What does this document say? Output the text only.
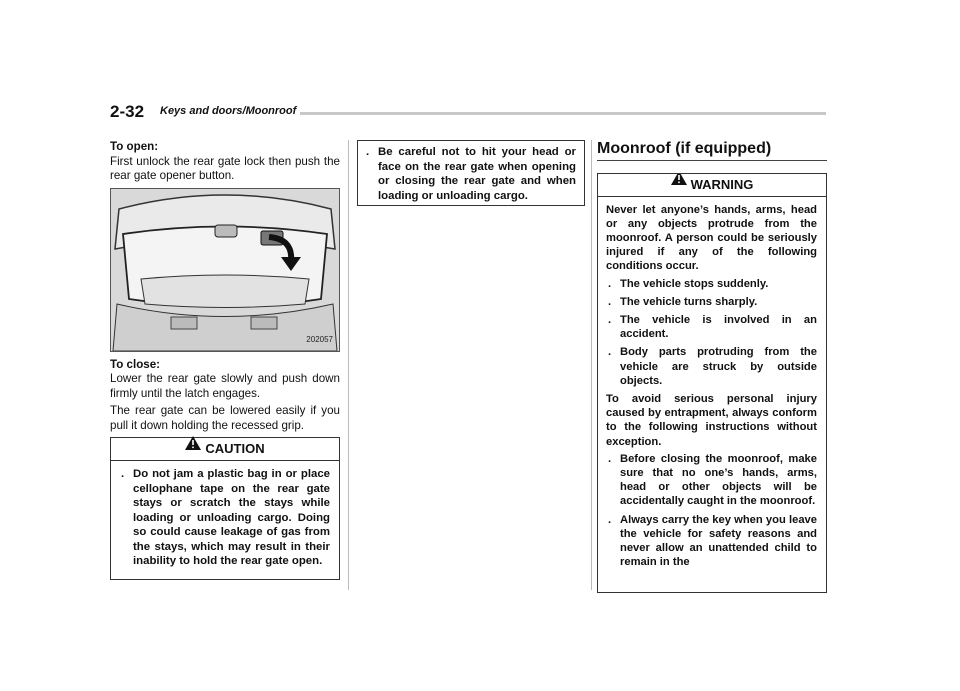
2-32 Keys and doors/Moonroof
To open:

First unlock the rear gate lock then push the rear gate opener button.

202057
To close:

Lower the rear gate slowly and push down firmly until the latch engages.

The rear gate can be lowered easily if you pull it down holding the recessed grip.

CAUTION
. Do not jam a plastic bag in or place cellophane tape on the rear gate stays or scratch the stays while loading or unloading cargo. Doing so could cause leakage of gas from the stays, which may result in their inability to hold the rear gate open.
. Be careful not to hit your head or face on the rear gate when opening or closing the rear gate and when loading or unloading cargo.
Moonroof (if equipped)
WARNING

Never let anyone’s hands, arms, head or any objects protrude from the moonroof. A person could be seriously injured if any of the following conditions occur.

. The vehicle stops suddenly.
. The vehicle turns sharply.
. The vehicle is involved in an accident.
. Body parts protruding from the vehicle are struck by outside objects.

To avoid serious personal injury caused by entrapment, always conform to the following instructions without exception.

. Before closing the moonroof, make sure that no one’s hands, arms, head or other objects will be accidentally caught in the moonroof.
. Always carry the key when you leave the vehicle for safety reasons and never allow an unattended child to remain in the
